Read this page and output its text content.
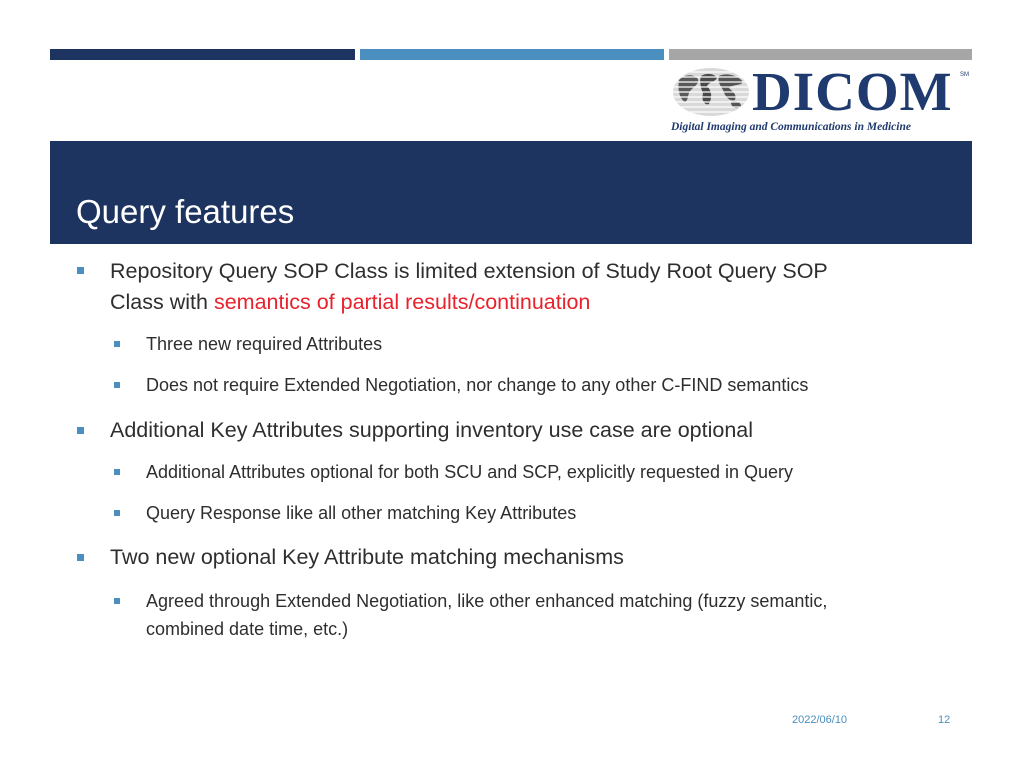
DICOM SM
Digital Imaging and Communications in Medicine
Query features
Repository Query SOP Class is limited extension of Study Root Query SOP
Class with semantics of partial results/continuation
Three new required Attributes
Does not require Extended Negotiation, nor change to any other C-FIND semantics
Additional Key Attributes supporting inventory use case are optional
Additional Attributes optional for both SCU and SCP, explicitly requested in Query
Query Response like all other matching Key Attributes
Two new optional Key Attribute matching mechanisms
Agreed through Extended Negotiation, like other enhanced matching (fuzzy semantic,
combined date time, etc.)
2022/06/10	12
